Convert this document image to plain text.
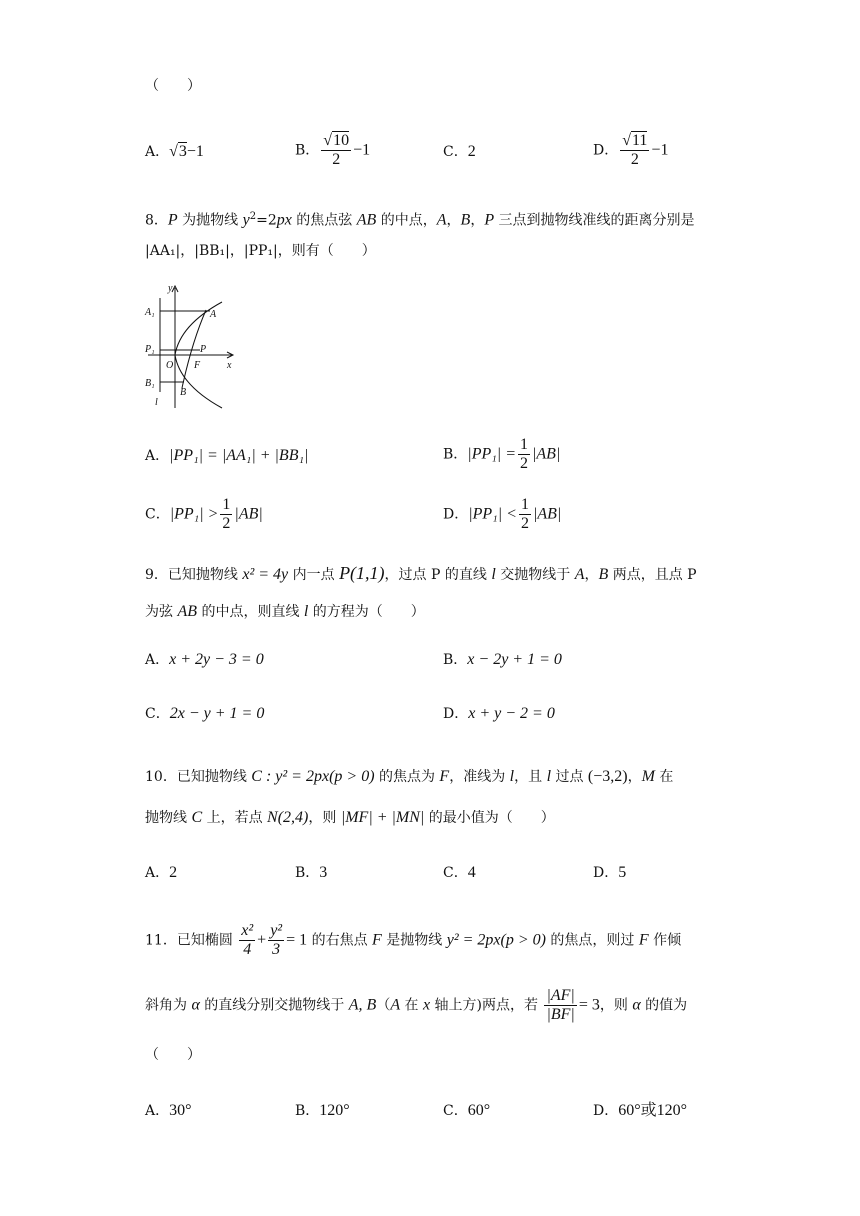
（　　）
A．√3−1	B． $\frac{√10}{2} -1$	C．2	D． $\frac{√11}{2} -1$
8．P 为抛物线 $y^2=2px$ 的焦点弦 AB 的中点，A，B，P 三点到抛物线准线的距离分别是
|AA₁|，|BB₁|，|PP₁|，则有（　　）
y
x
A₁	A
P₁	P
O F
B₁
B
l
A．|PP₁| = |AA₁| + |BB₁|	B．$|PP_1| = \frac{1}{2} |AB|$
C．$|PP_1| > \frac{1}{2} |AB|$	D．$|PP_1| < \frac{1}{2} |AB|$
9．已知抛物线 x² = 4y 内一点 P(1,1)，过点 P 的直线 l 交抛物线于 A，B 两点，且点 P
为弦 AB 的中点，则直线 l 的方程为（　　）
A．x + 2y − 3 = 0	B．x − 2y + 1 = 0
C．2x − y + 1 = 0	D．x + y − 2 = 0
10．已知抛物线 C : y² = 2px(p > 0) 的焦点为 F，准线为 l，且 l 过点 (−3,2)，M 在
抛物线 C 上，若点 N(2,4)，则 |MF| + |MN| 的最小值为（　　）
A．2	B．3	C．4	D．5
11．已知椭圆 $\frac{\text{x²}}{4} + \frac{\text{y²}}{3} = 1$ 的右焦点 F 是抛物线 y² = 2px(p > 0) 的焦点，则过 F 作倾
斜角为 α 的直线分别交抛物线于 A, B（A 在 x 轴上方)两点，若 $\frac{|AF|}{|BF|} = 3$，则 α 的值为
（　　）
A．30°	B．120°	C．60°	D．60°或120°
